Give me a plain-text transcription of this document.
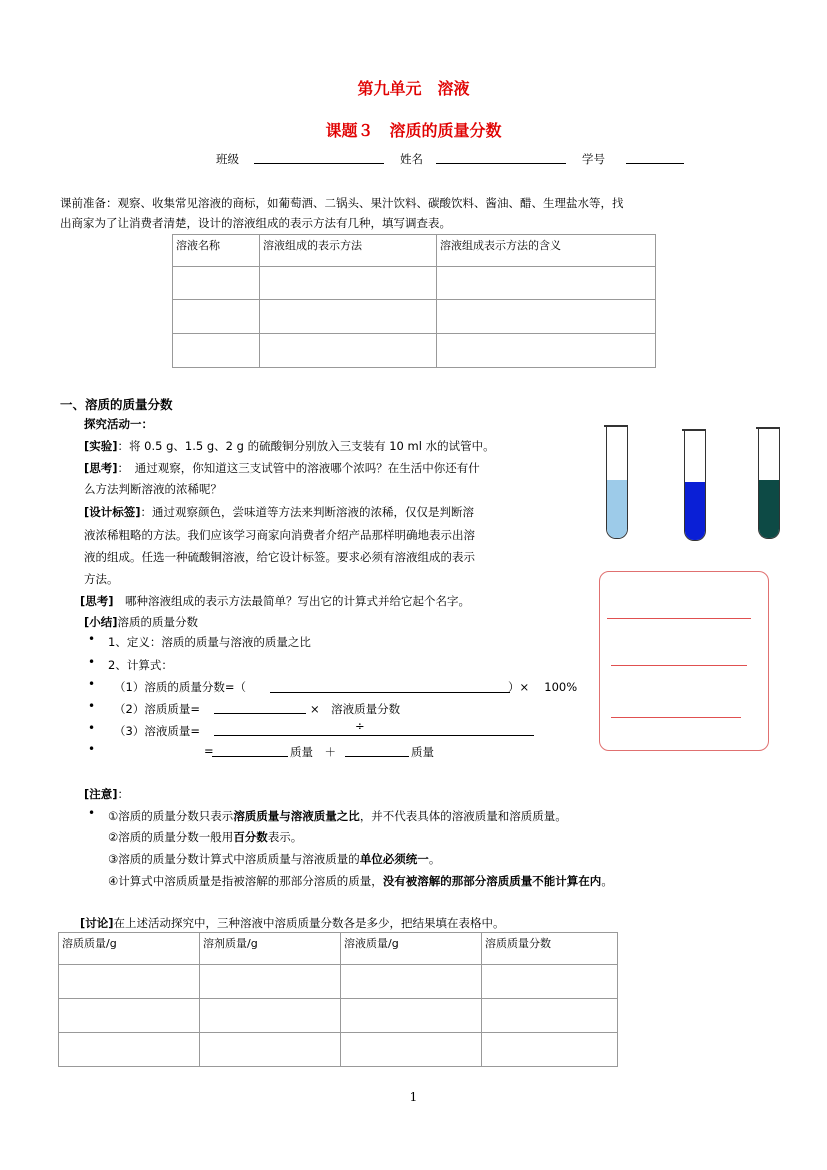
第九单元　溶液
课题３　溶质的质量分数
班级	姓名	学号
课前准备：观察、收集常见溶液的商标，如葡萄酒、二锅头、果汁饮料、碳酸饮料、酱油、醋、生理盐水等，找
出商家为了让消费者清楚，设计的溶液组成的表示方法有几种，填写调查表。
溶液名称	溶液组成的表示方法	溶液组成表示方法的含义

一、溶质的质量分数
探究活动一：
[实验]：将 0.5 g、1.5 g、2 g 的硫酸铜分别放入三支装有 10 ml 水的试管中。
[思考]：　通过观察，你知道这三支试管中的溶液哪个浓吗？在生活中你还有什
么方法判断溶液的浓稀呢？
[设计标签]：通过观察颜色，尝味道等方法来判断溶液的浓稀，仅仅是判断溶
液浓稀粗略的方法。我们应该学习商家向消费者介绍产品那样明确地表示出溶
液的组成。任选一种硫酸铜溶液，给它设计标签。要求必须有溶液组成的表示
方法。
[思考]　哪种溶液组成的表示方法最简单？写出它的计算式并给它起个名字。
[小结]溶质的质量分数
• 1、定义：溶质的质量与溶液的质量之比
• 2、计算式：
• （1）溶质的质量分数=（	）× 　100%
• （2）溶质质量=	×　溶液质量分数
• （3）溶液质量=	÷
•	=	质量　＋	质量
[注意]：
• ①溶质的质量分数只表示溶质质量与溶液质量之比，并不代表具体的溶液质量和溶质质量。
②溶质的质量分数一般用百分数表示。
③溶质的质量分数计算式中溶质质量与溶液质量的单位必须统一。
④计算式中溶质质量是指被溶解的那部分溶质的质量，没有被溶解的那部分溶质质量不能计算在内。
[讨论]在上述活动探究中，三种溶液中溶质质量分数各是多少，把结果填在表格中。
溶质质量/g	溶剂质量/g	溶液质量/g	溶质质量分数

1
